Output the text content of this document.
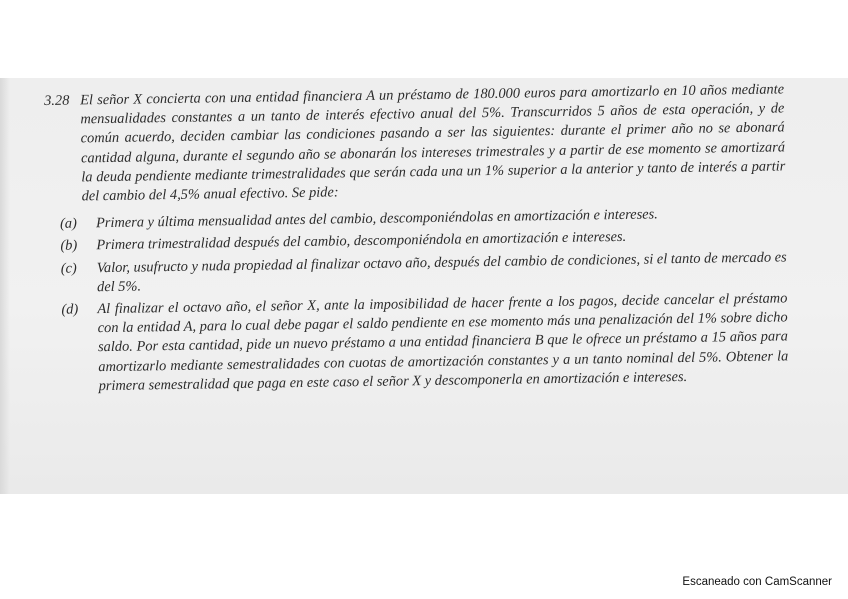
3.28 El señor X concierta con una entidad financiera A un préstamo de 180.000 euros para amortizarlo en 10 años mediante mensualidades constantes a un tanto de interés efectivo anual del 5%. Transcurridos 5 años de esta operación, y de común acuerdo, deciden cambiar las condiciones pasando a ser las siguientes: durante el primer año no se abonará cantidad alguna, durante el segundo año se abonarán los intereses trimestrales y a partir de ese momento se amortizará la deuda pendiente mediante trimestralidades que serán cada una un 1% superior a la anterior y tanto de interés a partir del cambio del 4,5% anual efectivo. Se pide:
(a) Primera y última mensualidad antes del cambio, descomponiéndolas en amortización e intereses.
(b) Primera trimestralidad después del cambio, descomponiéndola en amortización e intereses.
(c) Valor, usufructo y nuda propiedad al finalizar octavo año, después del cambio de condiciones, si el tanto de mercado es del 5%.
(d) Al finalizar el octavo año, el señor X, ante la imposibilidad de hacer frente a los pagos, decide cancelar el préstamo con la entidad A, para lo cual debe pagar el saldo pendiente en ese momento más una penalización del 1% sobre dicho saldo. Por esta cantidad, pide un nuevo préstamo a una entidad financiera B que le ofrece un préstamo a 15 años para amortizarlo mediante semestralidades con cuotas de amortización constantes y a un tanto nominal del 5%. Obtener la primera semestralidad que paga en este caso el señor X y descomponerla en amortización e intereses.
Escaneado con CamScanner
